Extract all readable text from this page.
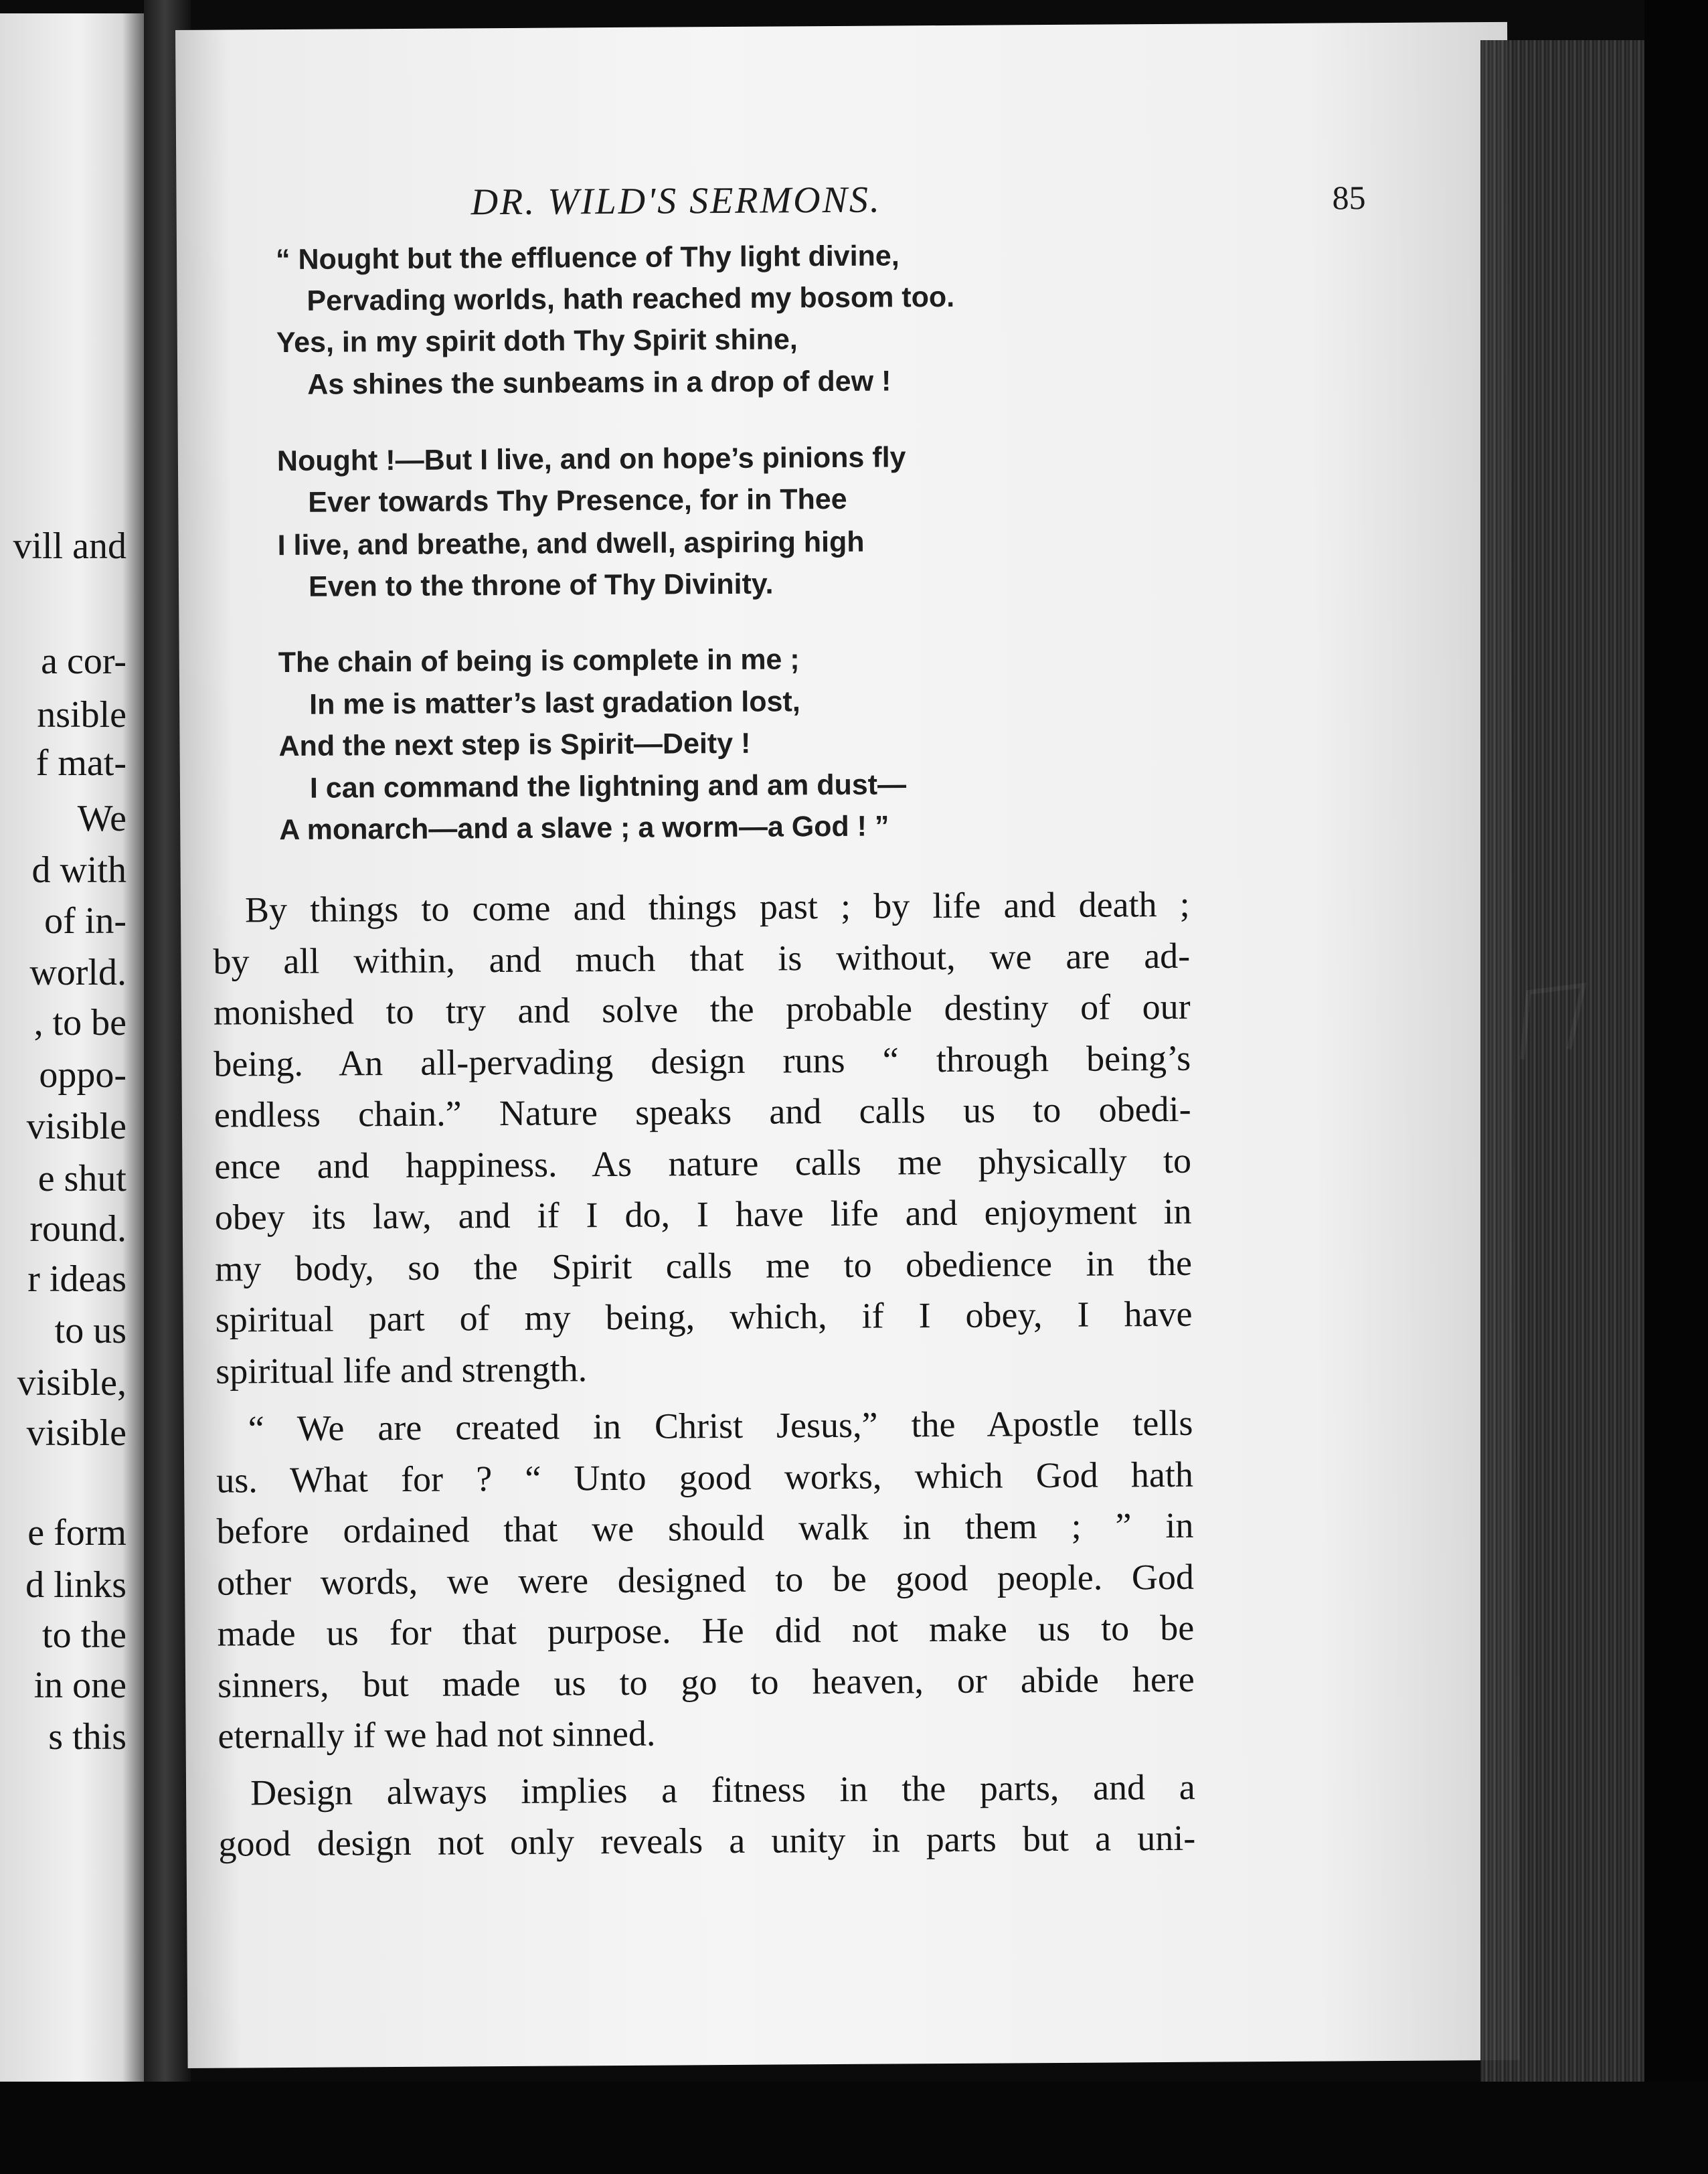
vill and
a cor-
nsible
f mat-
We
d with
of in-
world.
, to be
oppo-
visible
e shut
round.
r ideas
to us
visible,
visible
e form
d links
to the
in one
s this
DR. WILD'S SERMONS.	85
“ Nought but the effluence of Thy light divine,
Pervading worlds, hath reached my bosom too.
Yes, in my spirit doth Thy Spirit shine,
As shines the sunbeams in a drop of dew !
Nought !—But I live, and on hope’s pinions fly
Ever towards Thy Presence, for in Thee
I live, and breathe, and dwell, aspiring high
Even to the throne of Thy Divinity.
The chain of being is complete in me ;
In me is matter’s last gradation lost,
And the next step is Spirit—Deity !
I can command the lightning and am dust—
A monarch—and a slave ; a worm—a God ! ”
By things to come and things past ; by life and death ;
by all within, and much that is without, we are ad-
monished to try and solve the probable destiny of our
being. An all-pervading design runs “ through being’s
endless chain.” Nature speaks and calls us to obedi-
ence and happiness. As nature calls me physically to
obey its law, and if I do, I have life and enjoyment in
my body, so the Spirit calls me to obedience in the
spiritual part of my being, which, if I obey, I have
spiritual life and strength.
“ We are created in Christ Jesus,” the Apostle tells
us. What for ? “ Unto good works, which God hath
before ordained that we should walk in them ; ” in
other words, we were designed to be good people. God
made us for that purpose. He did not make us to be
sinners, but made us to go to heaven, or abide here
eternally if we had not sinned.
Design always implies a fitness in the parts, and a
good design not only reveals a unity in parts but a uni-
